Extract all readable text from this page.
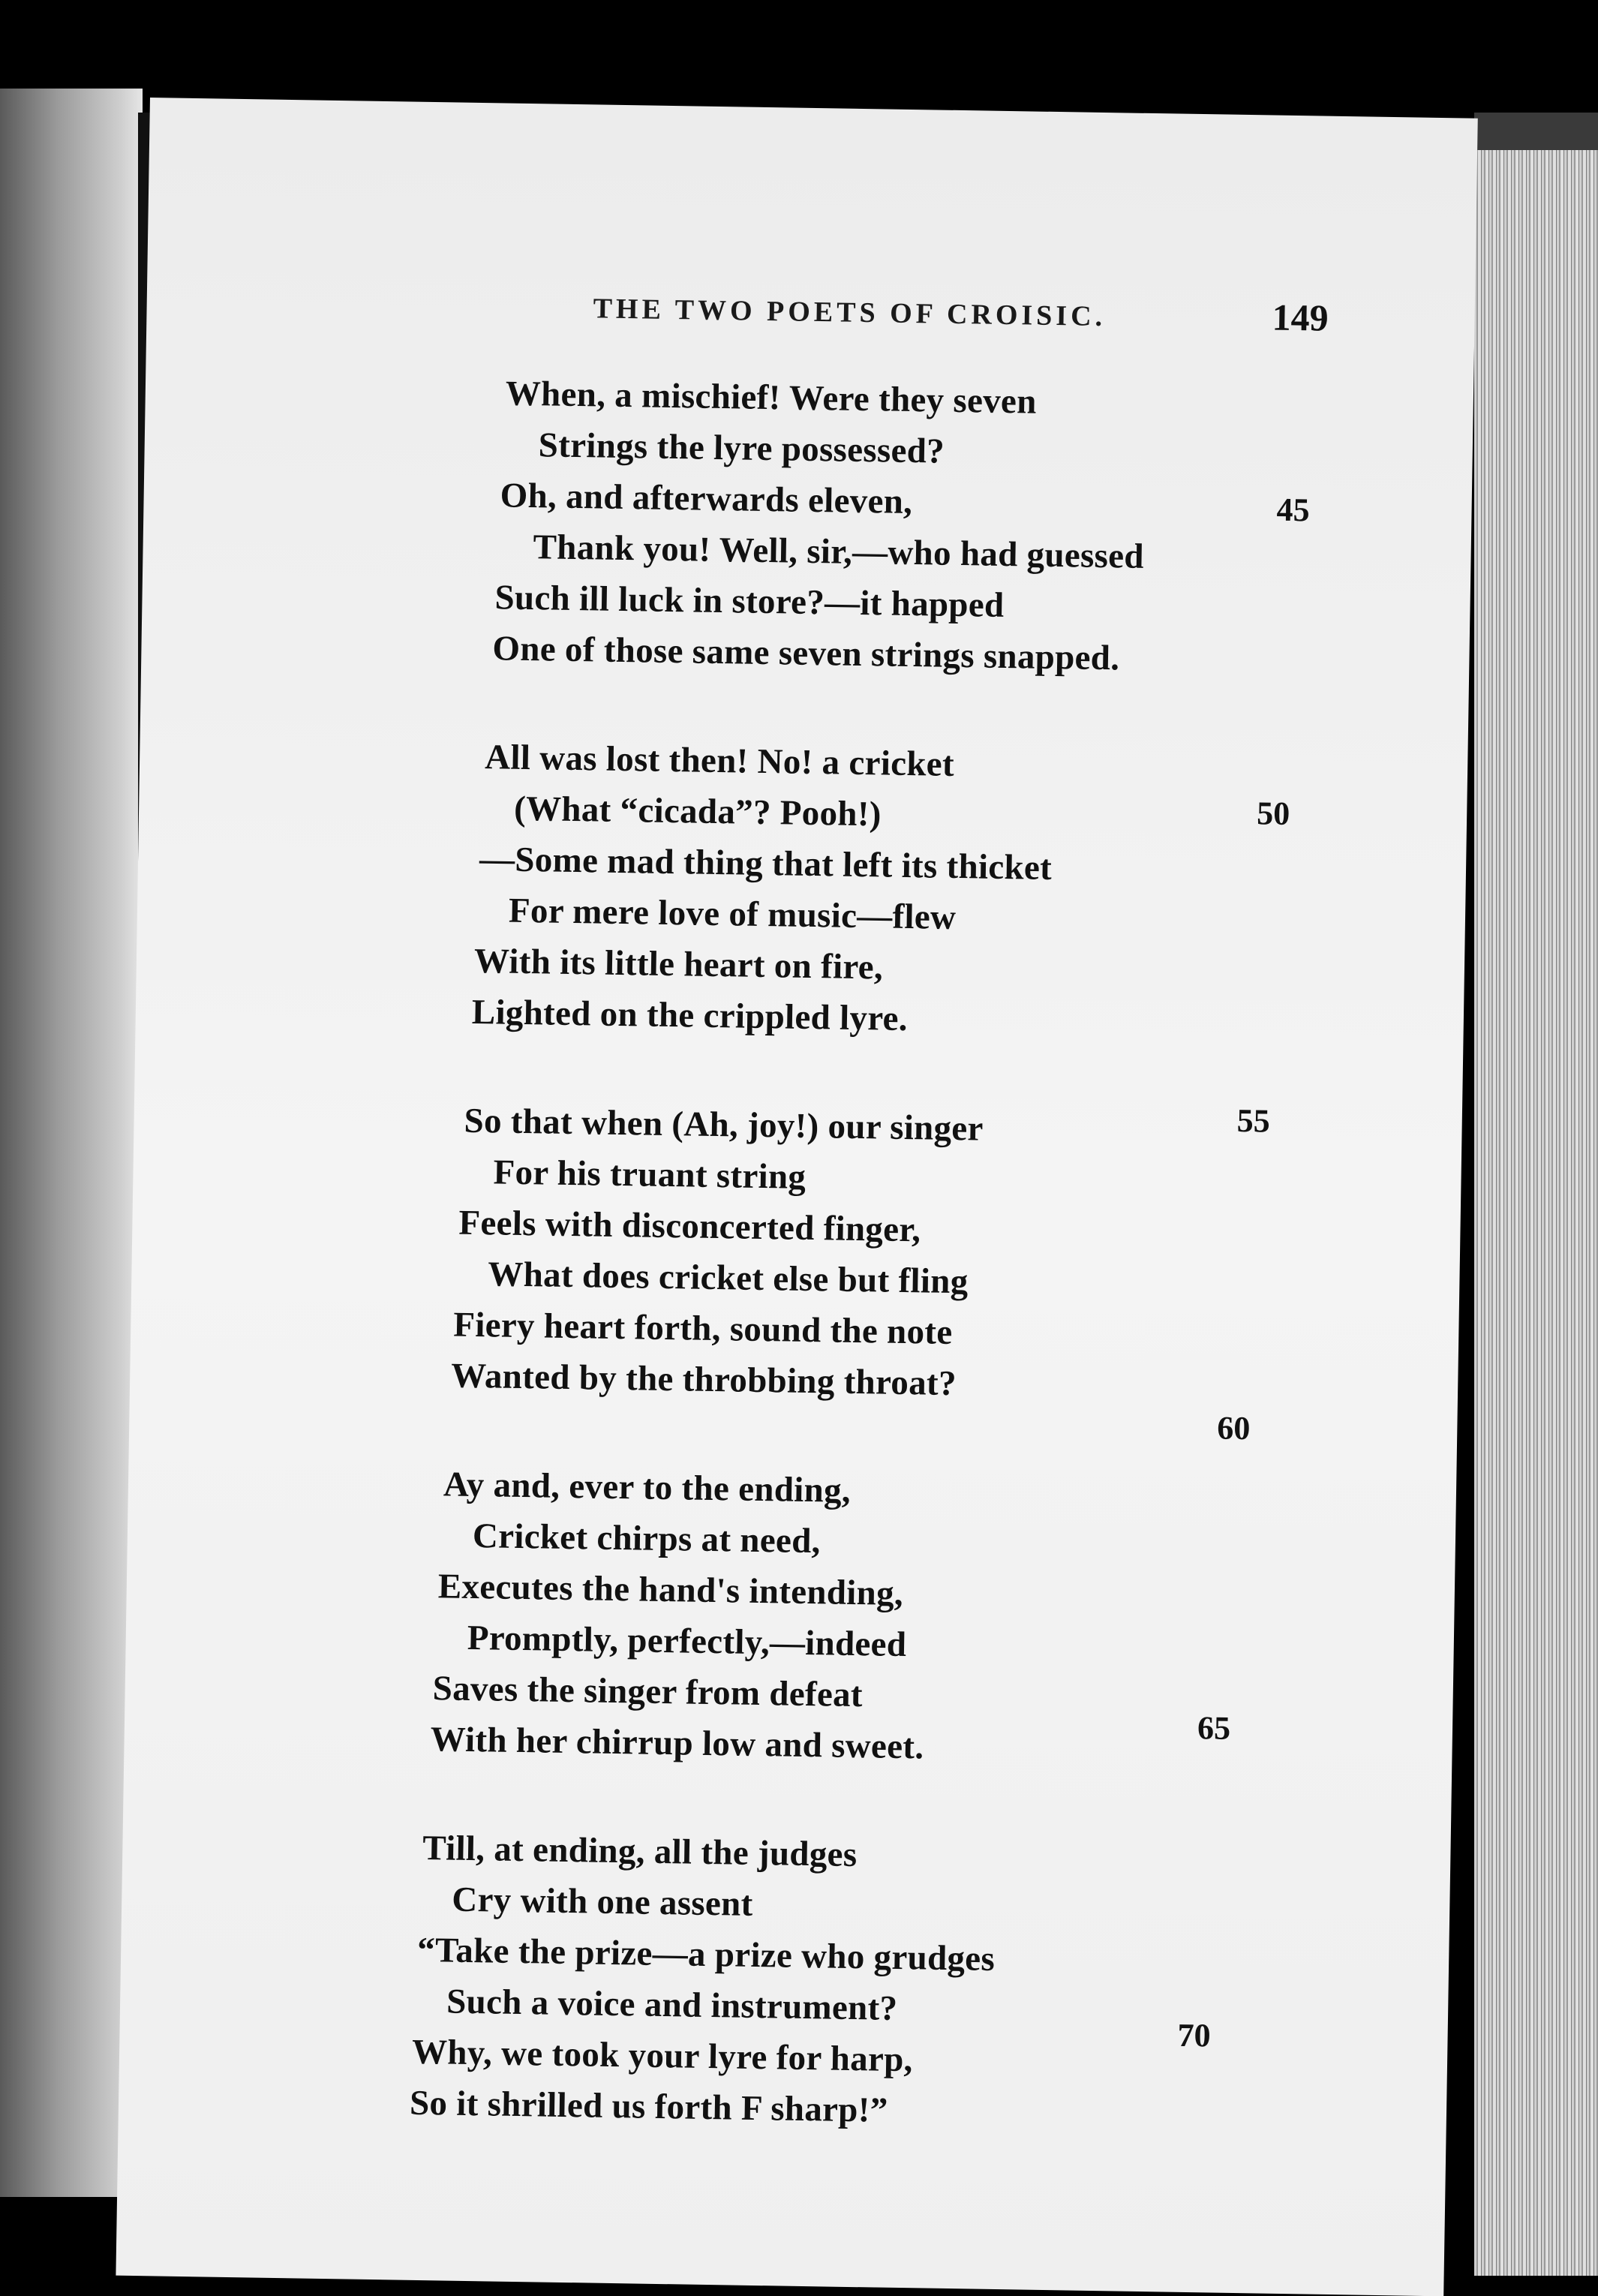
THE TWO POETS OF CROISIC.	149
When, a mischief! Were they seven
Strings the lyre possessed?
Oh, and afterwards eleven,
Thank you! Well, sir,—who had guessed
Such ill luck in store?—it happed
One of those same seven strings snapped.
All was lost then! No! a cricket
(What “cicada”? Pooh!)
—Some mad thing that left its thicket
For mere love of music—flew
With its little heart on fire,
Lighted on the crippled lyre.
So that when (Ah, joy!) our singer
For his truant string
Feels with disconcerted finger,
What does cricket else but fling
Fiery heart forth, sound the note
Wanted by the throbbing throat?
Ay and, ever to the ending,
Cricket chirps at need,
Executes the hand's intending,
Promptly, perfectly,—indeed
Saves the singer from defeat
With her chirrup low and sweet.
Till, at ending, all the judges
Cry with one assent
“Take the prize—a prize who grudges
Such a voice and instrument?
Why, we took your lyre for harp,
So it shrilled us forth F sharp!”
45
50
55
60
65
70
